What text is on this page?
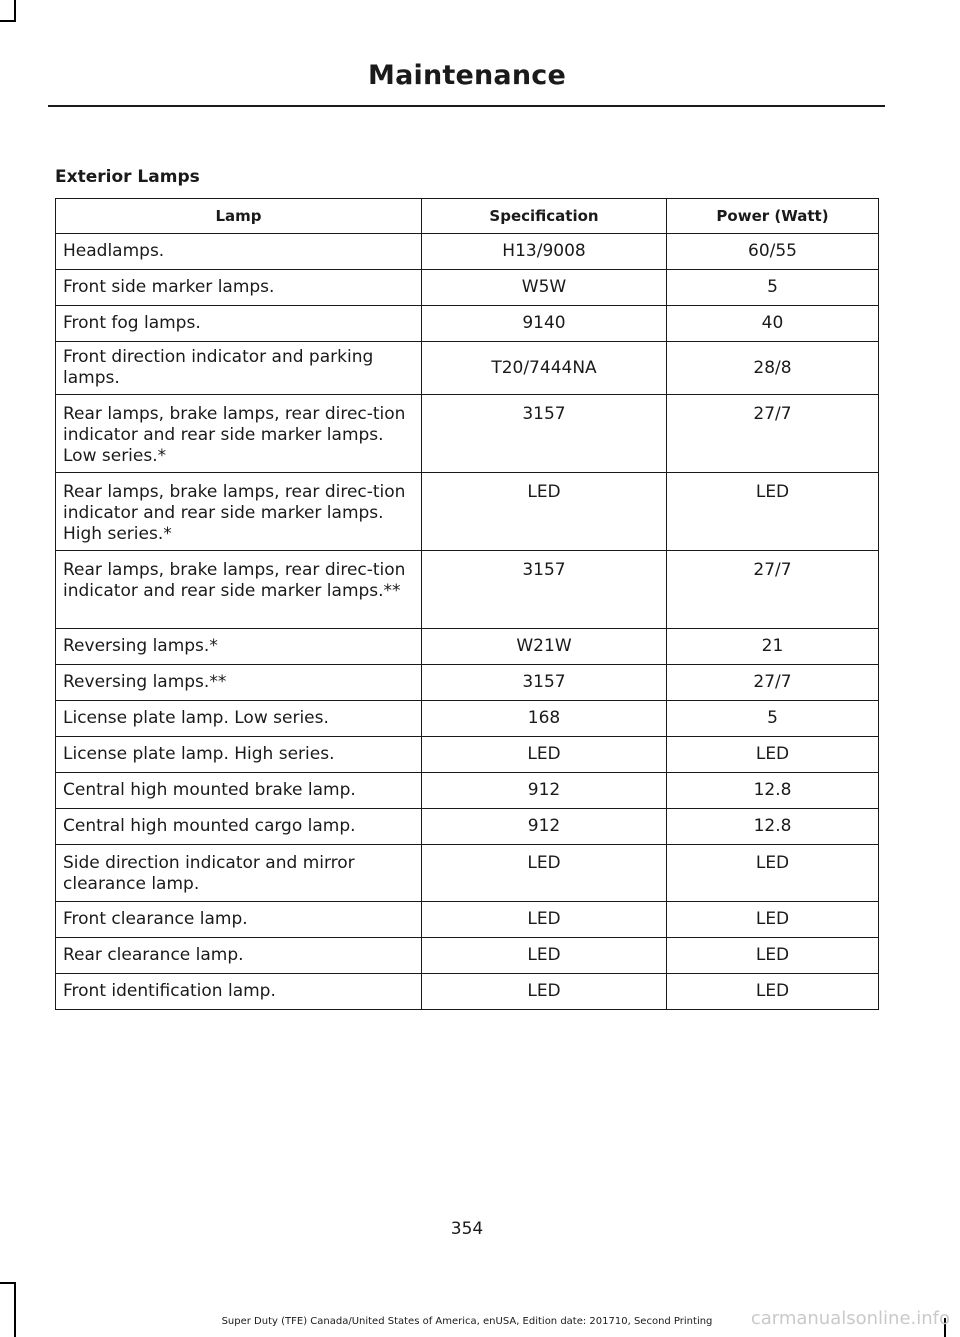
Maintenance
Exterior Lamps
Lamp	Specification	Power (Watt)
Headlamps.	H13/9008	60/55
Front side marker lamps.	W5W	5
Front fog lamps.	9140	40
Front direction indicator and parking lamps.	T20/7444NA	28/8
Rear lamps, brake lamps, rear direc-tion indicator and rear side marker lamps. Low series.*	3157	27/7
Rear lamps, brake lamps, rear direc-tion indicator and rear side marker lamps. High series.*	LED	LED
Rear lamps, brake lamps, rear direc-tion indicator and rear side marker lamps.**	3157	27/7
Reversing lamps.*	W21W	21
Reversing lamps.**	3157	27/7
License plate lamp. Low series.	168	5
License plate lamp. High series.	LED	LED
Central high mounted brake lamp.	912	12.8
Central high mounted cargo lamp.	912	12.8
Side direction indicator and mirror clearance lamp.	LED	LED
Front clearance lamp.	LED	LED
Rear clearance lamp.	LED	LED
Front identification lamp.	LED	LED
354
Super Duty (TFE) Canada/United States of America, enUSA, Edition date: 201710, Second Printing	carmanualsonline.info
